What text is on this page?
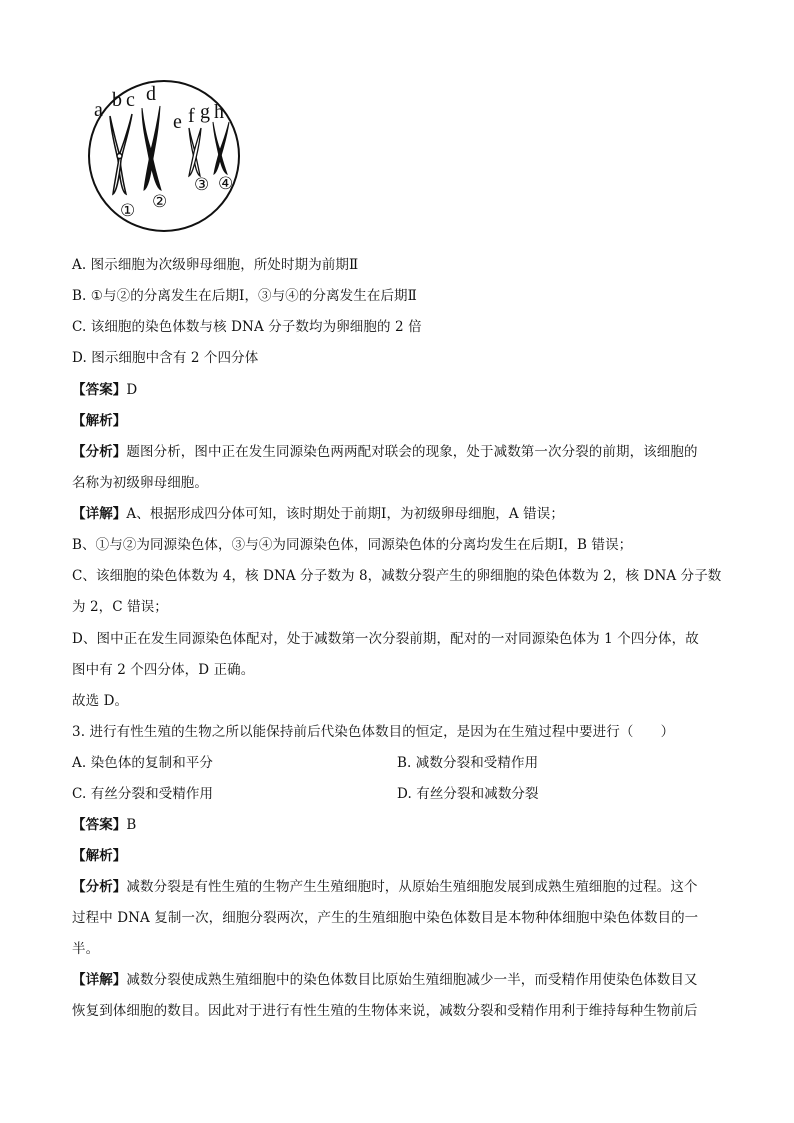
a b c d
e f g h
① ②
③ ④
A. 图示细胞为次级卵母细胞，所处时期为前期Ⅱ
B. ①与②的分离发生在后期Ⅰ，③与④的分离发生在后期Ⅱ
C. 该细胞的染色体数与核 DNA 分子数均为卵细胞的 2 倍
D. 图示细胞中含有 2 个四分体
【答案】D
【解析】
【分析】题图分析，图中正在发生同源染色两两配对联会的现象，处于减数第一次分裂的前期，该细胞的
名称为初级卵母细胞。
【详解】A、根据形成四分体可知，该时期处于前期Ⅰ，为初级卵母细胞，A 错误；
B、①与②为同源染色体，③与④为同源染色体，同源染色体的分离均发生在后期Ⅰ，B 错误；
C、该细胞的染色体数为 4，核 DNA 分子数为 8，减数分裂产生的卵细胞的染色体数为 2，核 DNA 分子数
为 2，C 错误；
D、图中正在发生同源染色体配对，处于减数第一次分裂前期，配对的一对同源染色体为 1 个四分体，故
图中有 2 个四分体，D 正确。
故选 D。
3. 进行有性生殖的生物之所以能保持前后代染色体数目的恒定，是因为在生殖过程中要进行（　　）
A. 染色体的复制和平分	B. 减数分裂和受精作用
C. 有丝分裂和受精作用	D. 有丝分裂和减数分裂
【答案】B
【解析】
【分析】减数分裂是有性生殖的生物产生生殖细胞时，从原始生殖细胞发展到成熟生殖细胞的过程。这个
过程中 DNA 复制一次，细胞分裂两次，产生的生殖细胞中染色体数目是本物种体细胞中染色体数目的一
半。
【详解】减数分裂使成熟生殖细胞中的染色体数目比原始生殖细胞减少一半，而受精作用使染色体数目又
恢复到体细胞的数目。因此对于进行有性生殖的生物体来说，减数分裂和受精作用利于维持每种生物前后
